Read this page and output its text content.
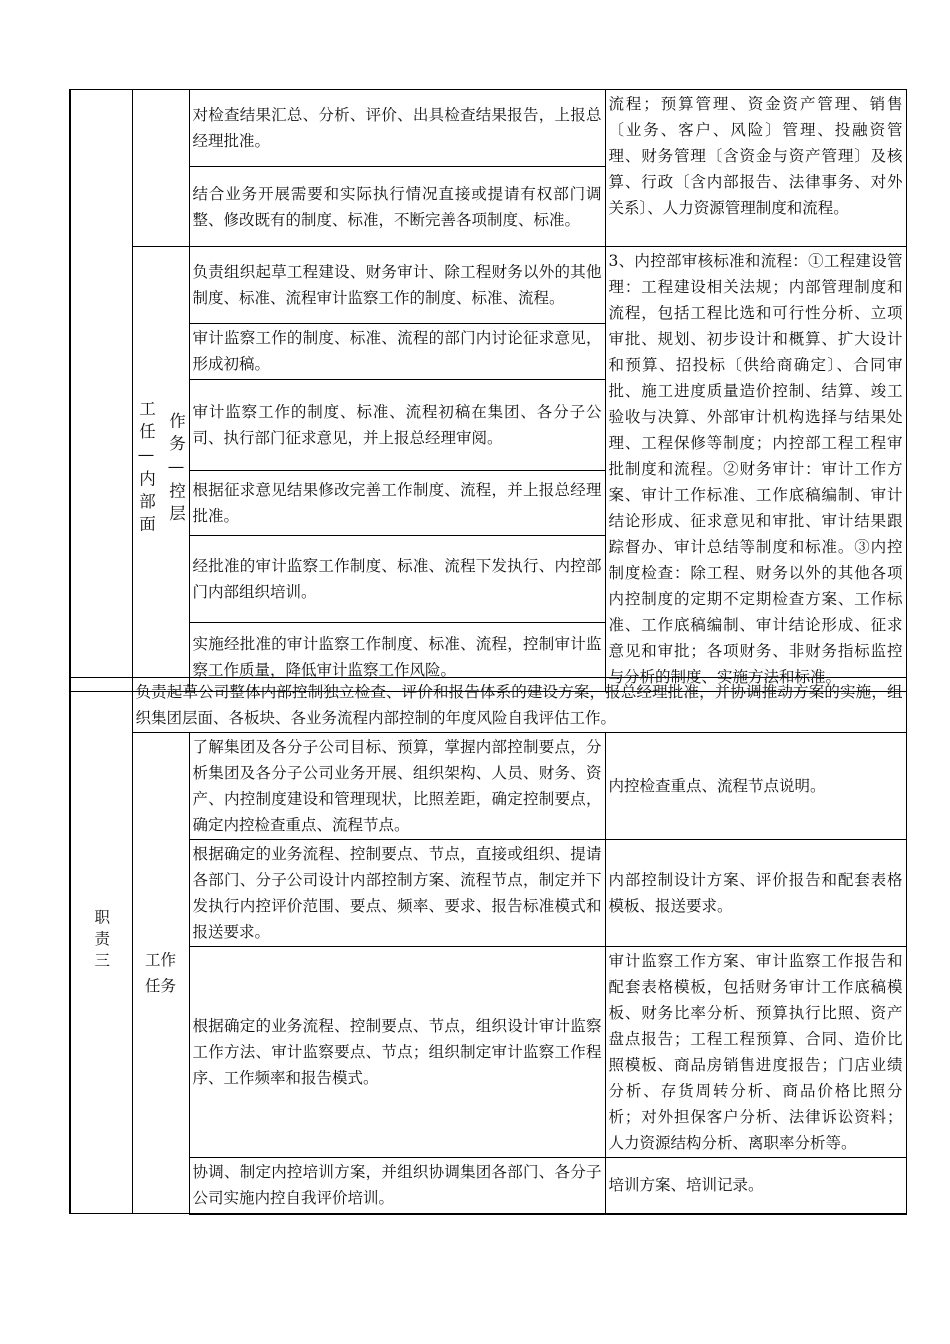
		对检查结果汇总、分析、评价、出具检查结果报告，上报总经理批准。	流程；预算管理、资金资产管理、销售〔业务、客户、风险〕管理、投融资管理、财务管理〔含资金与资产管理〕及核算、行政〔含内部报告、法律事务、对外关系〕、人力资源管理制度和流程。
		结合业务开展需要和实际执行情况直接或提请有权部门调整、修改既有的制度、标准，不断完善各项制度、标准。	

	工任—内部面 作务—控层	负责组织起草工程建设、财务审计、除工程财务以外的其他制度、标准、流程审计监察工作的制度、标准、流程。	3、内控部审核标准和流程：①工程建设管理：工程建设相关法规；内部管理制度和流程，包括工程比选和可行性分析、立项审批、规划、初步设计和概算、扩大设计和预算、招投标〔供给商确定〕、合同审批、施工进度质量造价控制、结算、竣工验收与决算、外部审计机构选择与结果处理、工程保修等制度；内控部工程工程审批制度和流程。②财务审计：审计工作方案、审计工作标准、工作底稿编制、审计结论形成、征求意见和审批、审计结果跟踪督办、审计总结等制度和标准。③内控制度检查：除工程、财务以外的其他各项内控制度的定期不定期检查方案、工作标准、工作底稿编制、审计结论形成、征求意见和审批；各项财务、非财务指标监控与分析的制度、实施方法和标准。
		审计监察工作的制度、标准、流程的部门内讨论征求意见，形成初稿。	
		审计监察工作的制度、标准、流程初稿在集团、各分子公司、执行部门征求意见，并上报总经理审阅。	
		根据征求意见结果修改完善工作制度、流程，并上报总经理批准。	
		经批准的审计监察工作制度、标准、流程下发执行、内控部门内部组织培训。	
		实施经批准的审计监察工作制度、标准、流程，控制审计监察工作质量，降低审计监察工作风险。	
职责三	负责起草公司整体内部控制独立检查、评价和报告体系的建设方案，报总经理批准，并协调推动方案的实施，组织集团层面、各板块、各业务流程内部控制的年度风险自我评估工作。		
	工作任务	了解集团及各分子公司目标、预算，掌握内部控制要点，分析集团及各分子公司业务开展、组织架构、人员、财务、资产、内控制度建设和管理现状，比照差距，确定控制要点，确定内控检查重点、流程节点。	内控检查重点、流程节点说明。
		根据确定的业务流程、控制要点、节点，直接或组织、提请各部门、分子公司设计内部控制方案、流程节点，制定并下发执行内控评价范围、要点、频率、要求、报告标准模式和报送要求。	内部控制设计方案、评价报告和配套表格模板、报送要求。
		根据确定的业务流程、控制要点、节点，组织设计审计监察工作方法、审计监察要点、节点；组织制定审计监察工作程序、工作频率和报告模式。	审计监察工作方案、审计监察工作报告和配套表格模板，包括财务审计工作底稿模板、财务比率分析、预算执行比照、资产盘点报告；工程工程预算、合同、造价比照模板、商品房销售进度报告；门店业绩分析、存货周转分析、商品价格比照分析；对外担保客户分析、法律诉讼资料；人力资源结构分析、离职率分析等。
		协调、制定内控培训方案，并组织协调集团各部门、各分子公司实施内控自我评价培训。	培训方案、培训记录。
